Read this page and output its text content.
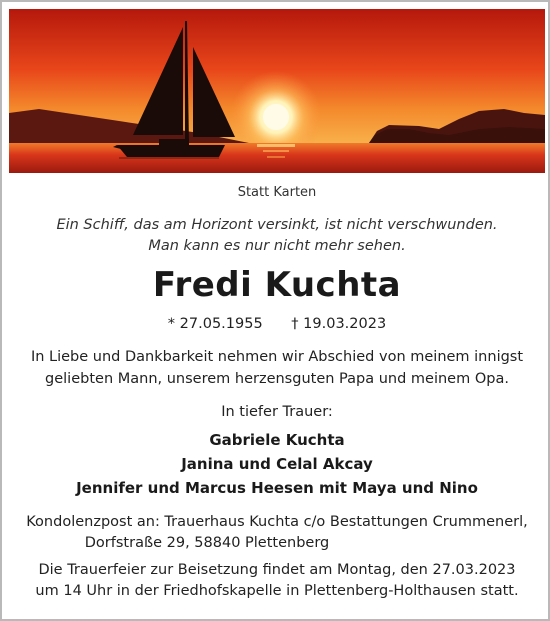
Statt Karten
Ein Schiff, das am Horizont versinkt, ist nicht verschwunden.
Man kann es nur nicht mehr sehen.
Fredi Kuchta
* 27.05.1955 † 19.03.2023
In Liebe und Dankbarkeit nehmen wir Abschied von meinem innigst
geliebten Mann, unserem herzensguten Papa und meinem Opa.
In tiefer Trauer:
Gabriele Kuchta
Janina und Celal Akcay
Jennifer und Marcus Heesen mit Maya und Nino
Kondolenzpost an: Trauerhaus Kuchta c/o Bestattungen Crummenerl,
Dorfstraße 29, 58840 Plettenberg
Die Trauerfeier zur Beisetzung findet am Montag, den 27.03.2023
um 14 Uhr in der Friedhofskapelle in Plettenberg-Holthausen statt.
